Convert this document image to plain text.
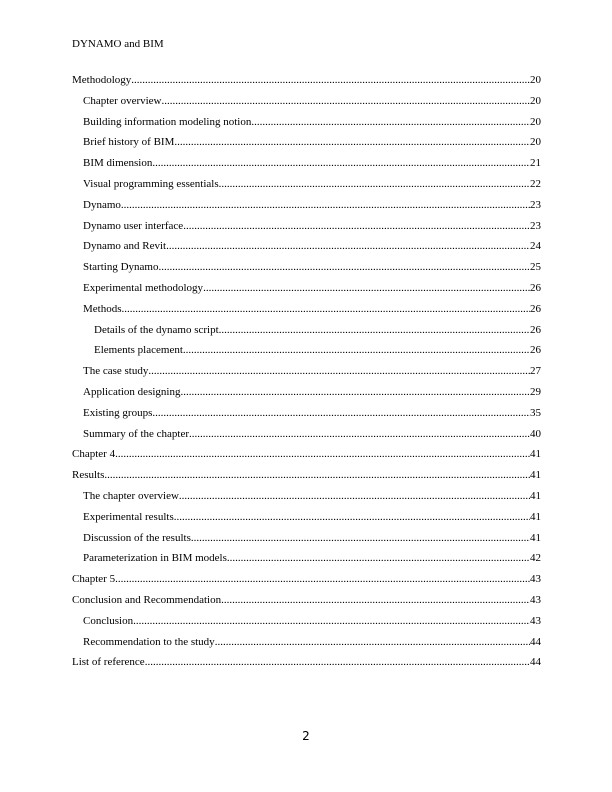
DYNAMO and BIM
Methodology .....	20
Chapter overview .....	20
Building information modeling notion .....	20
Brief history of BIM .....	20
BIM dimension .....	21
Visual programming essentials .....	22
Dynamo .....	23
Dynamo user interface .....	23
Dynamo and Revit .....	24
Starting Dynamo .....	25
Experimental methodology .....	26
Methods .....	26
Details of the dynamo script .....	26
Elements placement .....	26
The case study .....	27
Application designing .....	29
Existing groups .....	35
Summary of the chapter .....	40
Chapter 4 .....	41
Results .....	41
The chapter overview .....	41
Experimental results .....	41
Discussion of the results .....	41
Parameterization in BIM models .....	42
Chapter 5 .....	43
Conclusion and Recommendation .....	43
Conclusion .....	43
Recommendation to the study .....	44
List of reference .....	44
2
